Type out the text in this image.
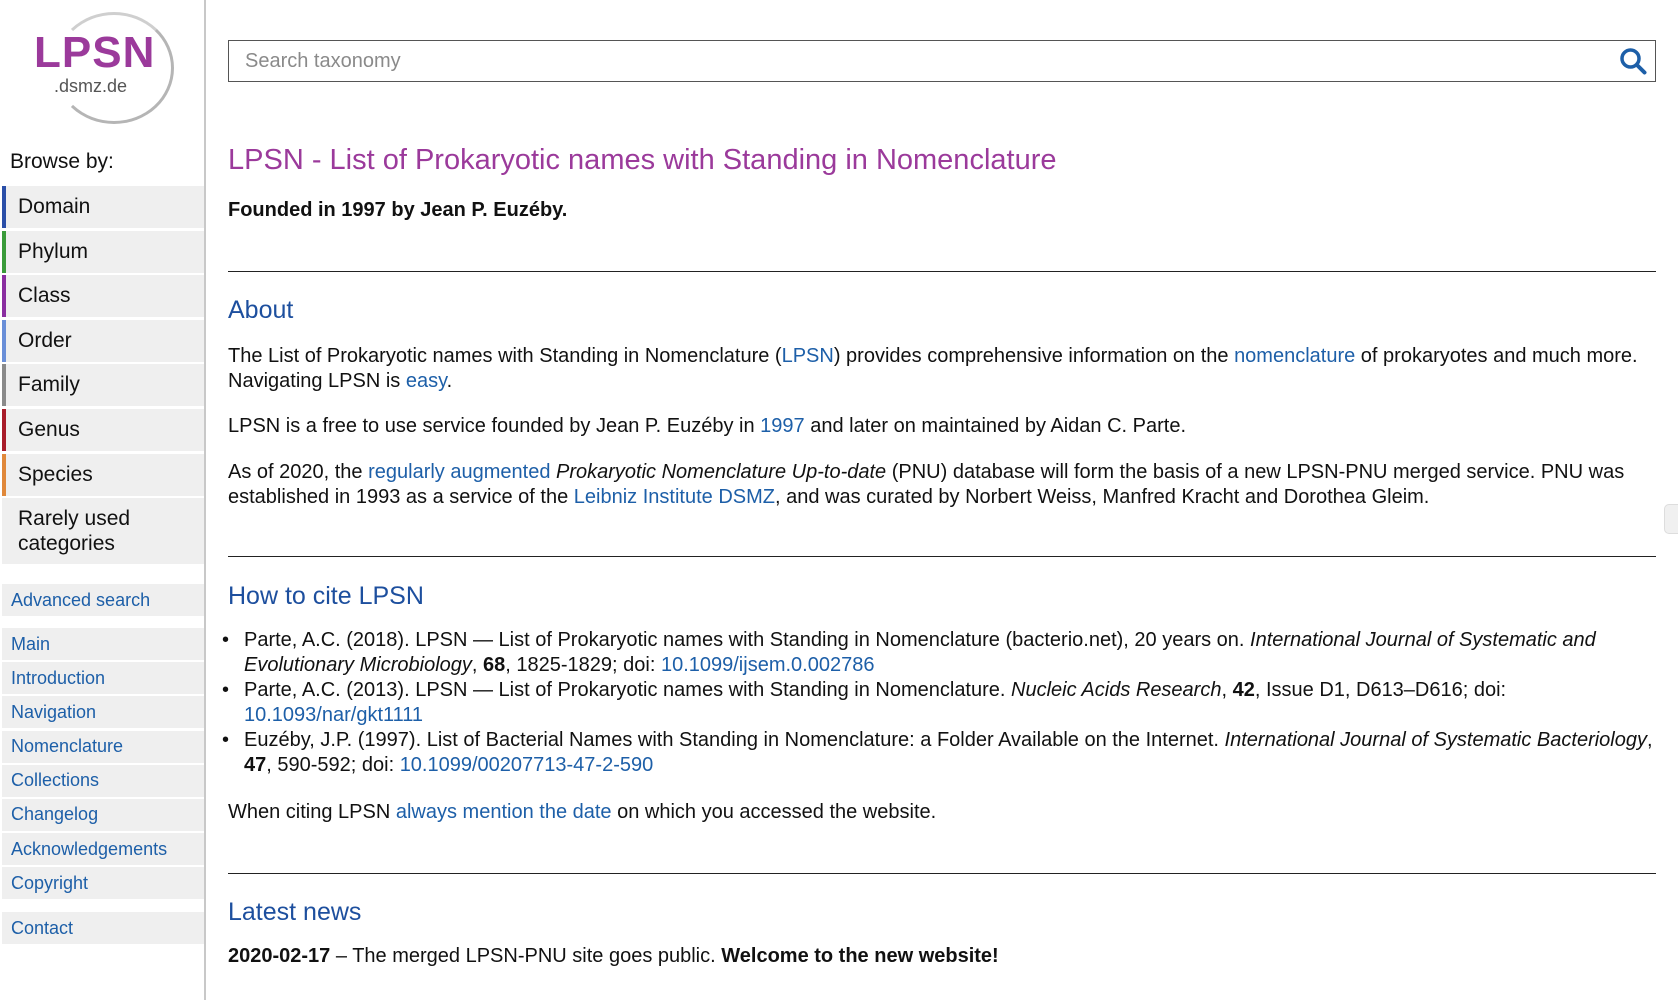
LPSN
.dsmz.de
Browse by:
Domain
Phylum
Class
Order
Family
Genus
Species
Rarely used categories
Advanced search
Main
Introduction
Navigation
Nomenclature
Collections
Changelog
Acknowledgements
Copyright
Contact
Search taxonomy
LPSN - List of Prokaryotic names with Standing in Nomenclature
Founded in 1997 by Jean P. Euzéby.
About

The List of Prokaryotic names with Standing in Nomenclature (LPSN) provides comprehensive information on the nomenclature of prokaryotes and much more. Navigating LPSN is easy.

LPSN is a free to use service founded by Jean P. Euzéby in 1997 and later on maintained by Aidan C. Parte.

As of 2020, the regularly augmented Prokaryotic Nomenclature Up-to-date (PNU) database will form the basis of a new LPSN-PNU merged service. PNU was established in 1993 as a service of the Leibniz Institute DSMZ, and was curated by Norbert Weiss, Manfred Kracht and Dorothea Gleim.

How to cite LPSN
• Parte, A.C. (2018). LPSN — List of Prokaryotic names with Standing in Nomenclature (bacterio.net), 20 years on. International Journal of Systematic and Evolutionary Microbiology, 68, 1825-1829; doi: 10.1099/ijsem.0.002786
• Parte, A.C. (2013). LPSN — List of Prokaryotic names with Standing in Nomenclature. Nucleic Acids Research, 42, Issue D1, D613–D616; doi: 10.1093/nar/gkt1111
• Euzéby, J.P. (1997). List of Bacterial Names with Standing in Nomenclature: a Folder Available on the Internet. International Journal of Systematic Bacteriology, 47, 590-592; doi: 10.1099/00207713-47-2-590

When citing LPSN always mention the date on which you accessed the website.

Latest news
2020-02-17 – The merged LPSN-PNU site goes public. Welcome to the new website!
